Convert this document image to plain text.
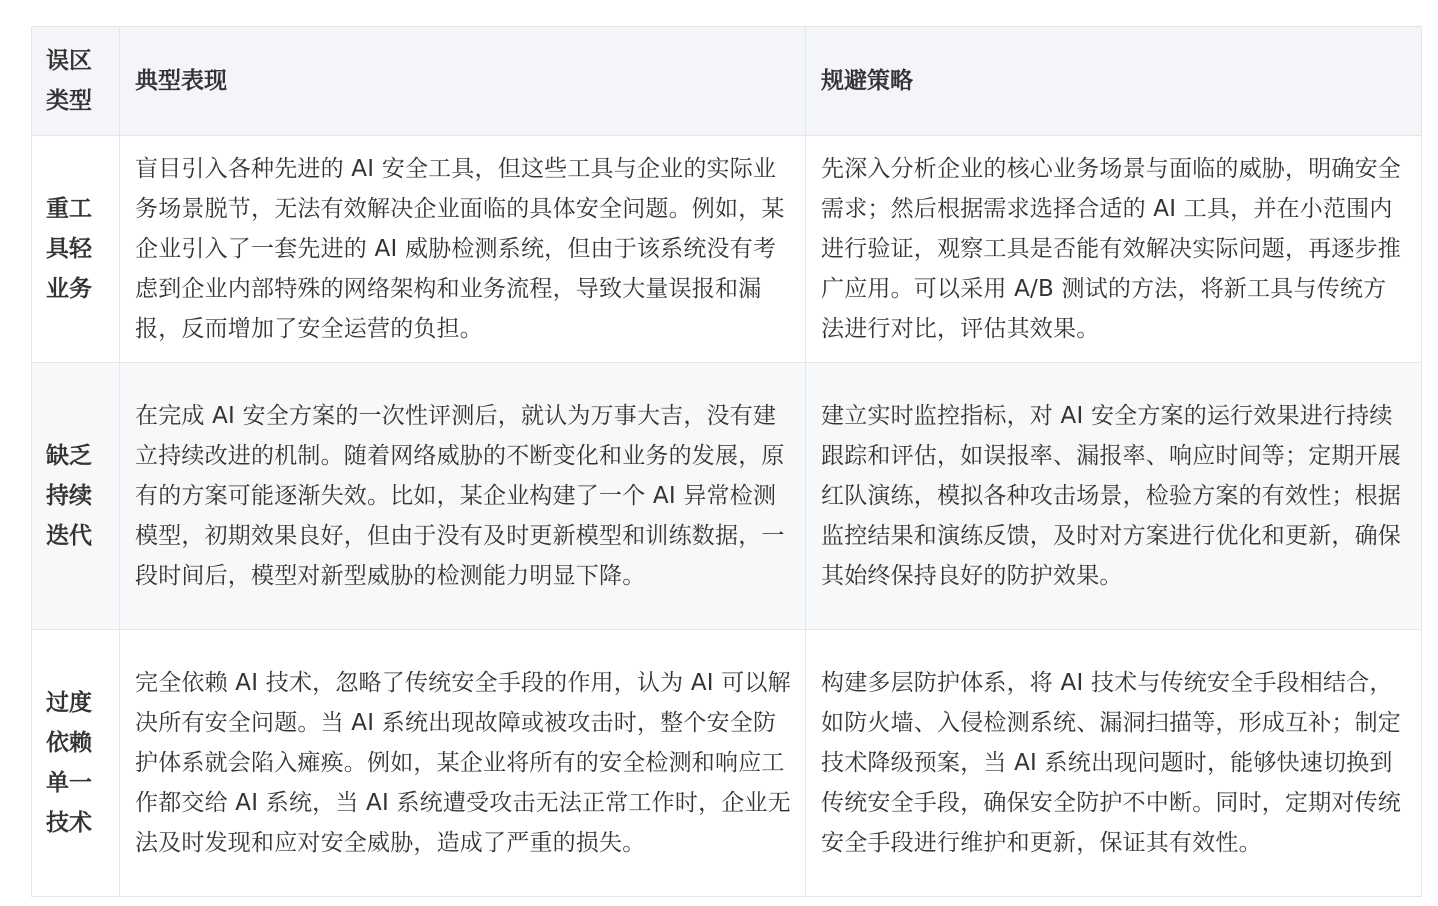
误区类型	典型表现	规避策略
重工具轻业务	盲目引入各种先进的 AI 安全工具，但这些工具与企业的实际业务场景脱节，无法有效解决企业面临的具体安全问题。例如，某企业引入了一套先进的 AI 威胁检测系统，但由于该系统没有考虑到企业内部特殊的网络架构和业务流程，导致大量误报和漏报，反而增加了安全运营的负担。	先深入分析企业的核心业务场景与面临的威胁，明确安全需求；然后根据需求选择合适的 AI 工具，并在小范围内进行验证，观察工具是否能有效解决实际问题，再逐步推广应用。可以采用 A/B 测试的方法，将新工具与传统方法进行对比，评估其效果。
缺乏持续迭代	在完成 AI 安全方案的一次性评测后，就认为万事大吉，没有建立持续改进的机制。随着网络威胁的不断变化和业务的发展，原有的方案可能逐渐失效。比如，某企业构建了一个 AI 异常检测模型，初期效果良好，但由于没有及时更新模型和训练数据，一段时间后，模型对新型威胁的检测能力明显下降。	建立实时监控指标，对 AI 安全方案的运行效果进行持续跟踪和评估，如误报率、漏报率、响应时间等；定期开展红队演练，模拟各种攻击场景，检验方案的有效性；根据监控结果和演练反馈，及时对方案进行优化和更新，确保其始终保持良好的防护效果。
过度依赖单一技术	完全依赖 AI 技术，忽略了传统安全手段的作用，认为 AI 可以解决所有安全问题。当 AI 系统出现故障或被攻击时，整个安全防护体系就会陷入瘫痪。例如，某企业将所有的安全检测和响应工作都交给 AI 系统，当 AI 系统遭受攻击无法正常工作时，企业无法及时发现和应对安全威胁，造成了严重的损失。	构建多层防护体系，将 AI 技术与传统安全手段相结合，如防火墙、入侵检测系统、漏洞扫描等，形成互补；制定技术降级预案，当 AI 系统出现问题时，能够快速切换到传统安全手段，确保安全防护不中断。同时，定期对传统安全手段进行维护和更新，保证其有效性。
